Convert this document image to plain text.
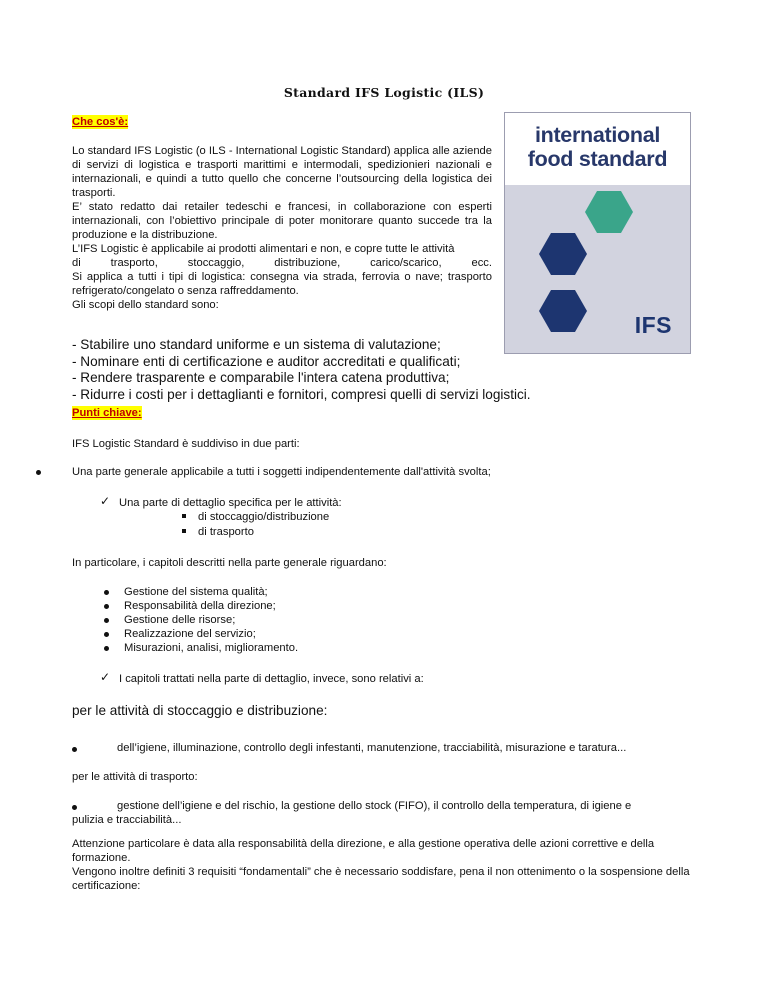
Standard IFS Logistic (ILS)
Che cos'è:

Lo standard IFS Logistic (o ILS - International Logistic Standard) applica alle aziende di servizi di logistica e trasporti marittimi e intermodali, spedizionieri nazionali e internazionali, e quindi a tutto quello che concerne l’outsourcing della logistica dei trasporti.

E’ stato redatto dai retailer tedeschi e francesi, in collaborazione con esperti internazionali, con l’obiettivo principale di poter monitorare quanto succede tra la produzione e la distribuzione.

L’IFS Logistic è applicabile ai prodotti alimentari e non, e copre tutte le attività

di trasporto, stoccaggio, distribuzione, carico/scarico, ecc.

Si applica a tutti i tipi di logistica: consegna via strada, ferrovia o nave; trasporto refrigerato/congelato o senza raffreddamento.

Gli scopi dello standard sono:

international
food standard
IFS
- Stabilire uno standard uniforme e un sistema di valutazione;
- Nominare enti di certificazione e auditor accreditati e qualificati;
- Rendere trasparente e comparabile l'intera catena produttiva;
- Ridurre i costi per i dettaglianti e fornitori, compresi quelli di servizi logistici.
Punti chiave:
IFS Logistic Standard è suddiviso in due parti:
Una parte generale applicabile a tutti i soggetti indipendentemente dall'attività svolta;
✓ Una parte di dettaglio specifica per le attività:
di stoccaggio/distribuzione
di trasporto
In particolare, i capitoli descritti nella parte generale riguardano:
Gestione del sistema qualità;
Responsabilità della direzione;
Gestione delle risorse;
Realizzazione del servizio;
Misurazioni, analisi, miglioramento.
✓ I capitoli trattati nella parte di dettaglio, invece, sono relativi a:
per le attività di stoccaggio e distribuzione:
dell’igiene, illuminazione, controllo degli infestanti, manutenzione, tracciabilità, misurazione e taratura...
per le attività di trasporto:
gestione dell’igiene e del rischio, la gestione dello stock (FIFO), il controllo della temperatura, di igiene e
pulizia e tracciabilità...
Attenzione particolare è data alla responsabilità della direzione, e alla gestione operativa delle azioni correttive e della formazione.
Vengono inoltre definiti 3 requisiti “fondamentali” che è necessario soddisfare, pena il non ottenimento o la sospensione della certificazione:
